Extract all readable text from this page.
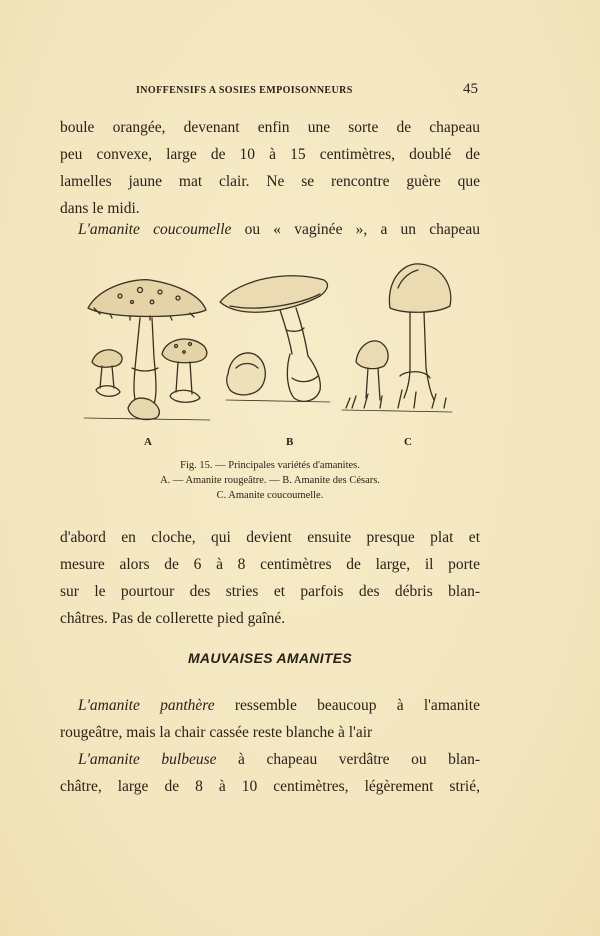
INOFFENSIFS A SOSIES EMPOISONNEURS	45
boule orangée, devenant enfin une sorte de chapeau
peu convexe, large de 10 à 15 centimètres, doublé de
lamelles jaune mat clair. Ne se rencontre guère que
dans le midi.
L'amanite coucoumelle ou « vaginée », a un chapeau
A	B	C
Fig. 15. — Principales variétés d'amanites.
A. — Amanite rougeâtre. — B. Amanite des Césars.
C. Amanite coucoumelle.
d'abord en cloche, qui devient ensuite presque plat et
mesure alors de 6 à 8 centimètres de large, il porte
sur le pourtour des stries et parfois des débris blan-
châtres. Pas de collerette pied gaîné.
MAUVAISES AMANITES
L'amanite panthère ressemble beaucoup à l'amanite
rougeâtre, mais la chair cassée reste blanche à l'air
L'amanite bulbeuse à chapeau verdâtre ou blan-
châtre, large de 8 à 10 centimètres, légèrement strié,
